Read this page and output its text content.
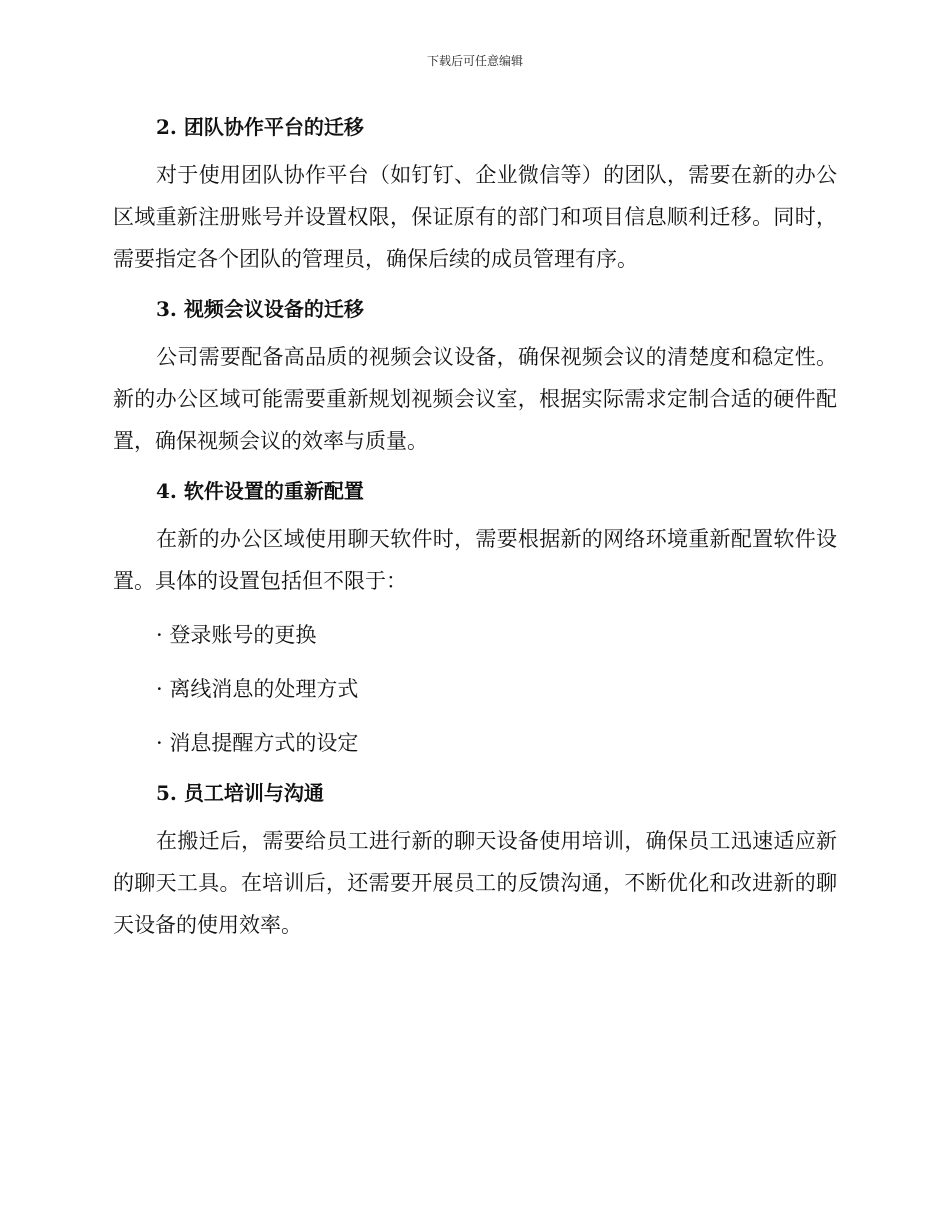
下载后可任意编辑
2. 团队协作平台的迁移

对于使用团队协作平台（如钉钉、企业微信等）的团队，需要在新的办公区域重新注册账号并设置权限，保证原有的部门和项目信息顺利迁移。同时，需要指定各个团队的管理员，确保后续的成员管理有序。

3. 视频会议设备的迁移

公司需要配备高品质的视频会议设备，确保视频会议的清楚度和稳定性。新的办公区域可能需要重新规划视频会议室，根据实际需求定制合适的硬件配置，确保视频会议的效率与质量。

4. 软件设置的重新配置

在新的办公区域使用聊天软件时，需要根据新的网络环境重新配置软件设置。具体的设置包括但不限于：

· 登录账号的更换
· 离线消息的处理方式
· 消息提醒方式的设定
5. 员工培训与沟通

在搬迁后，需要给员工进行新的聊天设备使用培训，确保员工迅速适应新的聊天工具。在培训后，还需要开展员工的反馈沟通，不断优化和改进新的聊天设备的使用效率。
